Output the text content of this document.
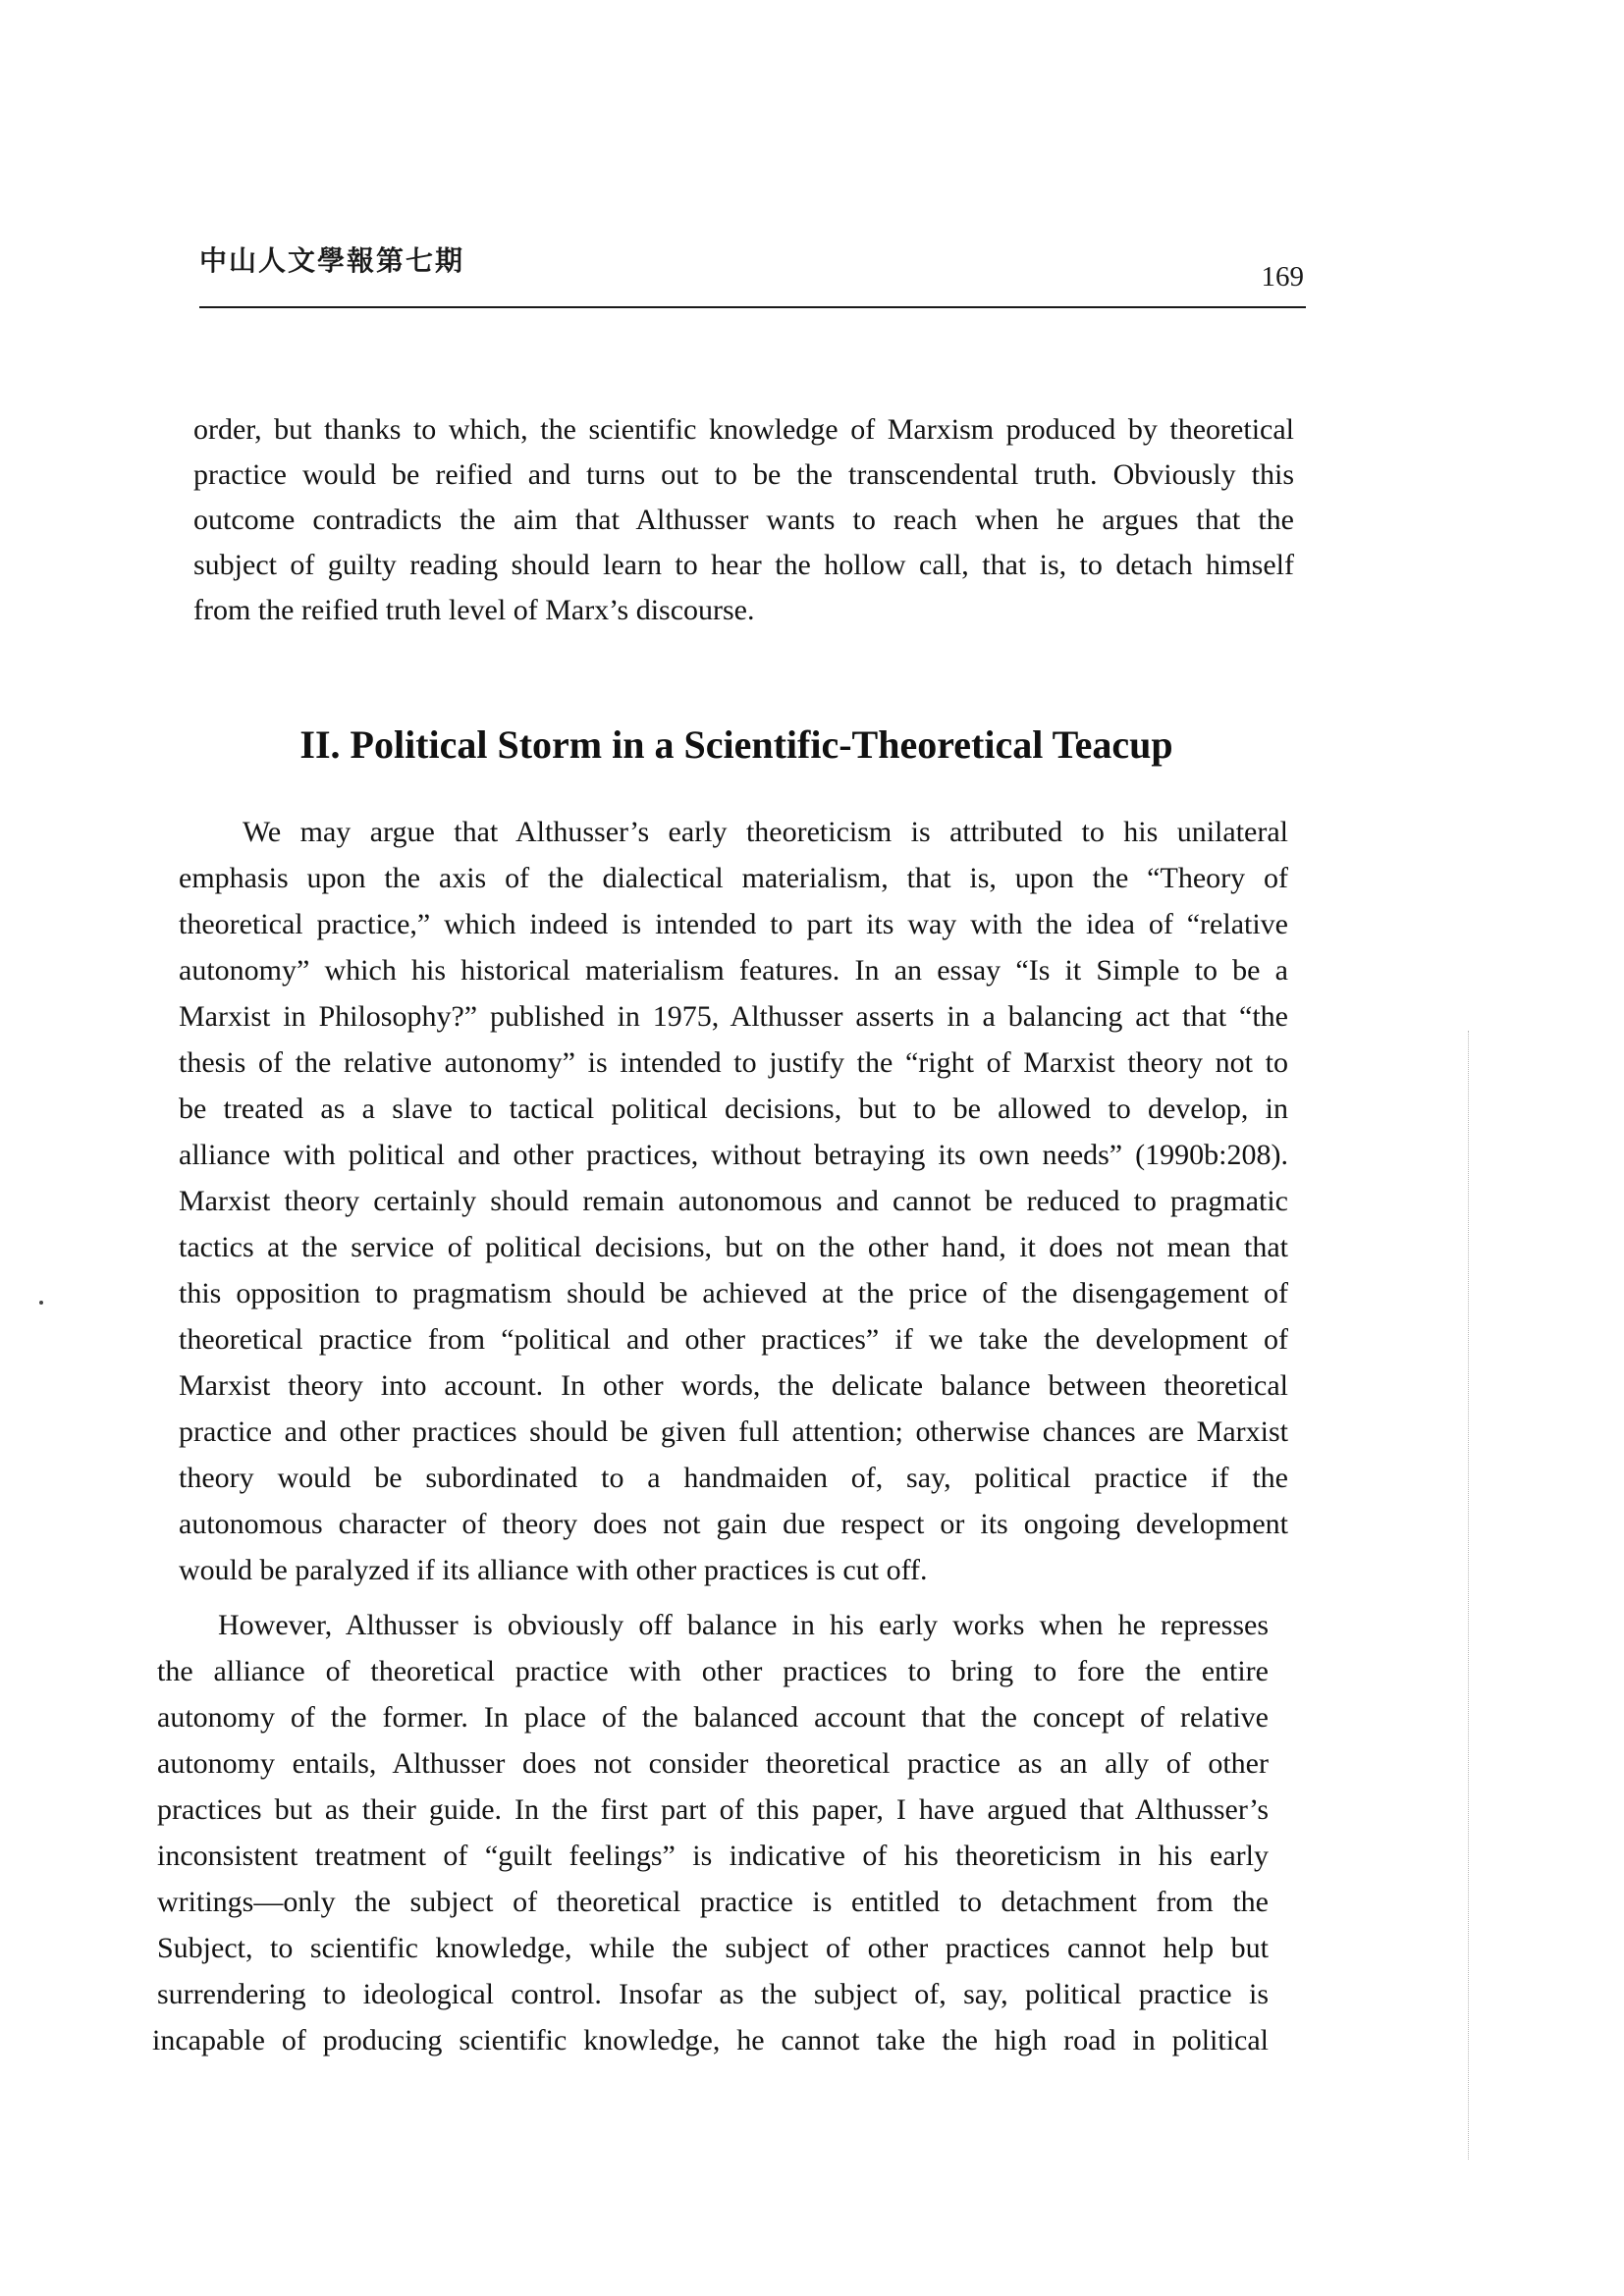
中山人文學報第七期	169
order, but thanks to which, the scientific knowledge of Marxism produced by theoretical
practice would be reified and turns out to be the transcendental truth. Obviously this
outcome contradicts the aim that Althusser wants to reach when he argues that the
subject of guilty reading should learn to hear the hollow call, that is, to detach himself
from the reified truth level of Marx’s discourse.
II. Political Storm in a Scientific-Theoretical Teacup
We may argue that Althusser’s early theoreticism is attributed to his unilateral
emphasis upon the axis of the dialectical materialism, that is, upon the “Theory of
theoretical practice,” which indeed is intended to part its way with the idea of “relative
autonomy” which his historical materialism features. In an essay “Is it Simple to be a
Marxist in Philosophy?” published in 1975, Althusser asserts in a balancing act that “the
thesis of the relative autonomy” is intended to justify the “right of Marxist theory not to
be treated as a slave to tactical political decisions, but to be allowed to develop, in
alliance with political and other practices, without betraying its own needs” (1990b:208).
Marxist theory certainly should remain autonomous and cannot be reduced to pragmatic
tactics at the service of political decisions, but on the other hand, it does not mean that
this opposition to pragmatism should be achieved at the price of the disengagement of
theoretical practice from “political and other practices” if we take the development of
Marxist theory into account. In other words, the delicate balance between theoretical
practice and other practices should be given full attention; otherwise chances are Marxist
theory would be subordinated to a handmaiden of, say, political practice if the
autonomous character of theory does not gain due respect or its ongoing development
would be paralyzed if its alliance with other practices is cut off.
However, Althusser is obviously off balance in his early works when he represses
the alliance of theoretical practice with other practices to bring to fore the entire
autonomy of the former. In place of the balanced account that the concept of relative
autonomy entails, Althusser does not consider theoretical practice as an ally of other
practices but as their guide. In the first part of this paper, I have argued that Althusser’s
inconsistent treatment of “guilt feelings” is indicative of his theoreticism in his early
writings—only the subject of theoretical practice is entitled to detachment from the
Subject, to scientific knowledge, while the subject of other practices cannot help but
surrendering to ideological control. Insofar as the subject of, say, political practice is
incapable of producing scientific knowledge, he cannot take the high road in political
